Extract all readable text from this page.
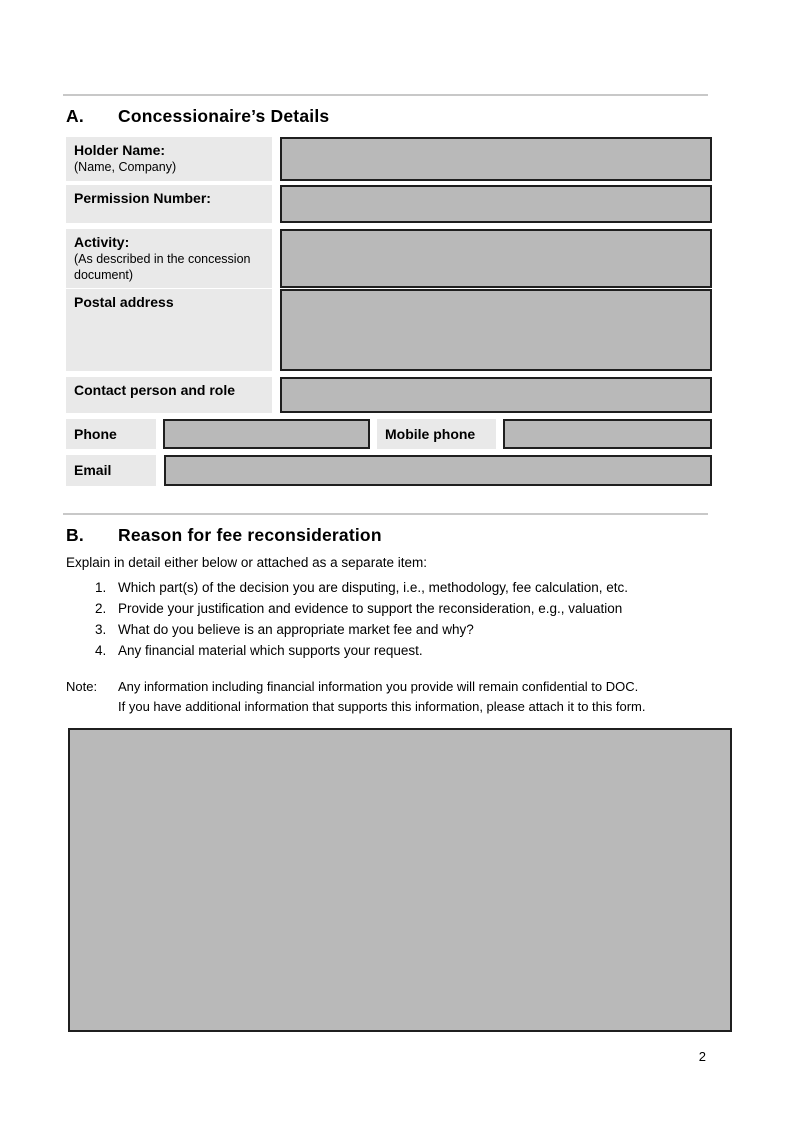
A.	Concessionaire’s Details
Holder Name:
(Name, Company)
Permission Number:
Activity:
(As described in the concession document)
Postal address
Contact person and role
Phone	Mobile phone
Email
B.	Reason for fee reconsideration
Explain in detail either below or attached as a separate item:
1. Which part(s) of the decision you are disputing, i.e., methodology, fee calculation, etc.
2. Provide your justification and evidence to support the reconsideration, e.g., valuation
3. What do you believe is an appropriate market fee and why?
4. Any financial material which supports your request.
Note:	Any information including financial information you provide will remain confidential to DOC.
If you have additional information that supports this information, please attach it to this form.
2
